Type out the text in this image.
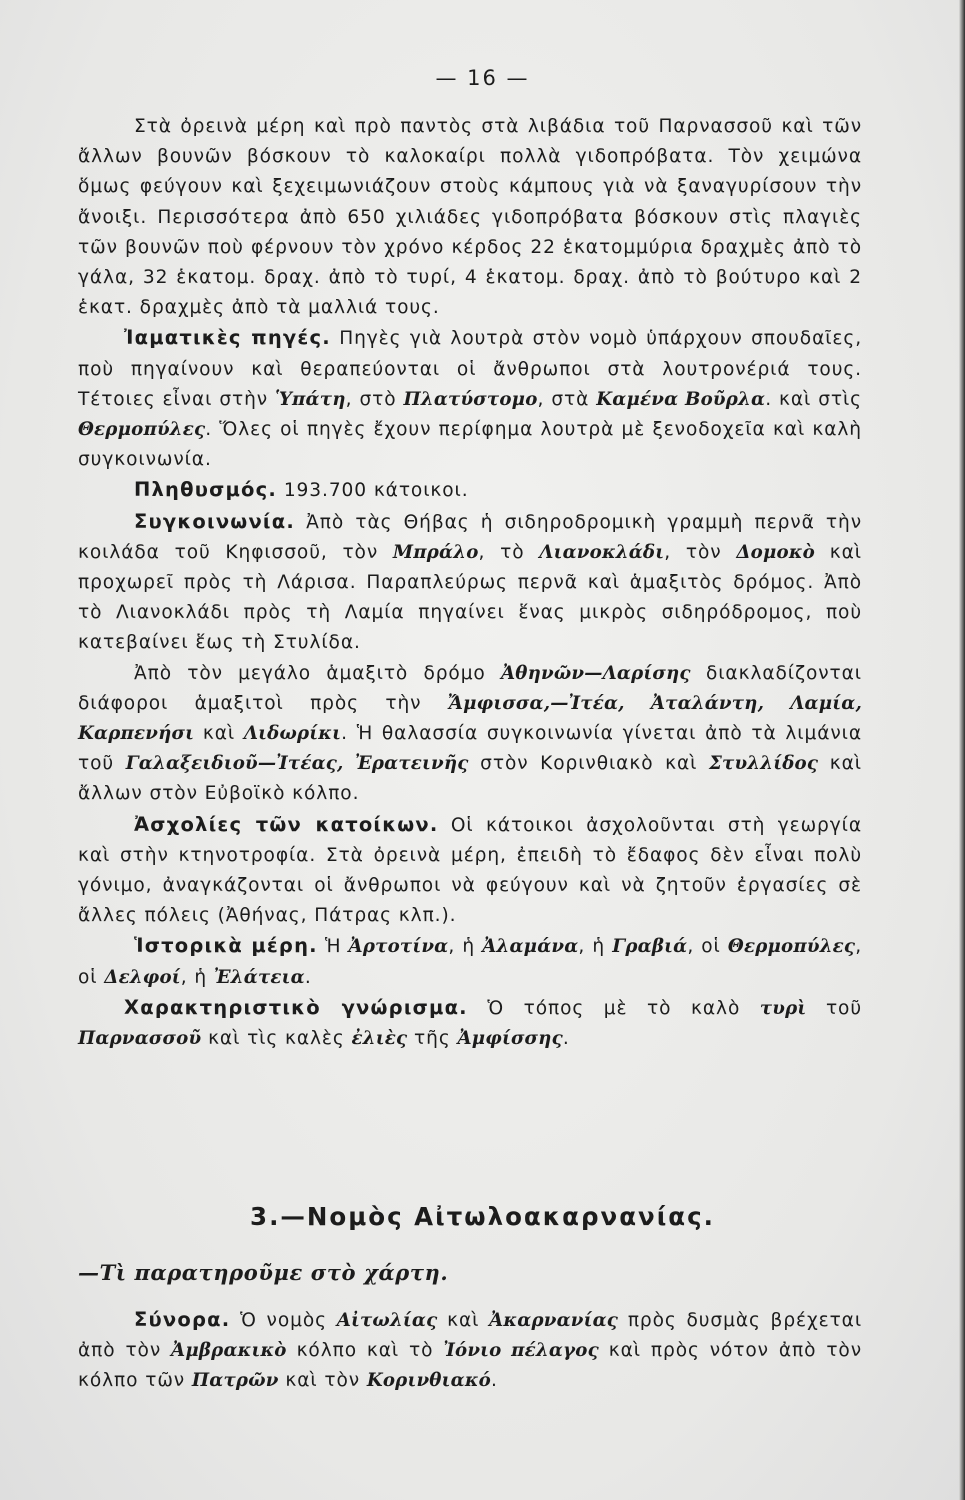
— 16 —

Στὰ ὀρεινὰ μέρη καὶ πρὸ παντὸς στὰ λιβάδια τοῦ Παρνασσοῦ καὶ τῶν ἄλλων βουνῶν βόσκουν τὸ καλοκαίρι πολλὰ γιδοπρόβατα. Τὸν χειμώνα ὅμως φεύγουν καὶ ξεχειμωνιάζουν στοὺς κάμπους γιὰ νὰ ξαναγυρίσουν τὴν ἄνοιξι. Περισσότερα ἀπὸ 650 χιλιάδες γιδοπρόβατα βόσκουν στὶς πλαγιὲς τῶν βουνῶν ποὺ φέρνουν τὸν χρόνο κέρδος 22 ἑκατομμύρια δραχμὲς ἀπὸ τὸ γάλα, 32 ἑκατομ. δραχ. ἀπὸ τὸ τυρί, 4 ἑκατομ. δραχ. ἀπὸ τὸ βούτυρο καὶ 2 ἑκατ. δραχμὲς ἀπὸ τὰ μαλλιά τους.

Ἰαματικὲς πηγές. Πηγὲς γιὰ λουτρὰ στὸν νομὸ ὑπάρχουν σπουδαῖες, ποὺ πηγαίνουν καὶ θεραπεύονται οἱ ἄνθρωποι στὰ λουτρονέριά τους. Τέτοιες εἶναι στὴν Ὑπάτη, στὸ Πλατύστομο, στὰ Καμένα Βοῦρλα. καὶ στὶς Θερμοπύλες. Ὅλες οἱ πηγὲς ἔχουν περίφημα λουτρὰ μὲ ξενοδοχεῖα καὶ καλὴ συγκοινωνία.

Πληθυσμός. 193.700 κάτοικοι.

Συγκοινωνία. Ἀπὸ τὰς Θήβας ἡ σιδηροδρομικὴ γραμμὴ περνᾶ τὴν κοιλάδα τοῦ Κηφισσοῦ, τὸν Μπράλο, τὸ Λιανοκλάδι, τὸν Δομοκὸ καὶ προχωρεῖ πρὸς τὴ Λάρισα. Παραπλεύρως περνᾶ καὶ ἁμαξιτὸς δρόμος. Ἀπὸ τὸ Λιανοκλάδι πρὸς τὴ Λαμία πηγαίνει ἕνας μικρὸς σιδηρόδρομος, ποὺ κατεβαίνει ἕως τὴ Στυλίδα.

Ἀπὸ τὸν μεγάλο ἁμαξιτὸ δρόμο Ἀθηνῶν—Λαρίσης διακλαδίζονται διάφοροι ἁμαξιτοὶ πρὸς τὴν Ἄμφισσα,—Ἰτέα, Ἀταλάντη, Λαμία, Καρπενήσι καὶ Λιδωρίκι. Ἡ θαλασσία συγκοινωνία γίνεται ἀπὸ τὰ λιμάνια τοῦ Γαλαξειδιοῦ—Ἰτέας, Ἐρατεινῆς στὸν Κορινθιακὸ καὶ Στυλλίδος καὶ ἄλλων στὸν Εὐβοϊκὸ κόλπο.

Ἀσχολίες τῶν κατοίκων. Οἱ κάτοικοι ἀσχολοῦνται στὴ γεωργία καὶ στὴν κτηνοτροφία. Στὰ ὀρεινὰ μέρη, ἐπειδὴ τὸ ἔδαφος δὲν εἶναι πολὺ γόνιμο, ἀναγκάζονται οἱ ἄνθρωποι νὰ φεύγουν καὶ νὰ ζητοῦν ἐργασίες σὲ ἄλλες πόλεις (Ἀθήνας, Πάτρας κλπ.).

Ἱστορικὰ μέρη. Ἡ Ἀρτοτίνα, ἡ Ἀλαμάνα, ἡ Γραβιά, οἱ Θερμοπύλες, οἱ Δελφοί, ἡ Ἐλάτεια.

Χαρακτηριστικὸ γνώρισμα. Ὁ τόπος μὲ τὸ καλὸ τυρὶ τοῦ Παρνασσοῦ καὶ τὶς καλὲς ἐλιὲς τῆς Ἀμφίσσης.

3.—Νομὸς Αἰτωλοακαρνανίας.
—Τὶ παρατηροῦμε στὸ χάρτη.

Σύνορα. Ὁ νομὸς Αἰτωλίας καὶ Ἀκαρνανίας πρὸς δυσμὰς βρέχεται ἀπὸ τὸν Ἀμβρακικὸ κόλπο καὶ τὸ Ἰόνιο πέλαγος καὶ πρὸς νότον ἀπὸ τὸν κόλπο τῶν Πατρῶν καὶ τὸν Κορινθιακό.
